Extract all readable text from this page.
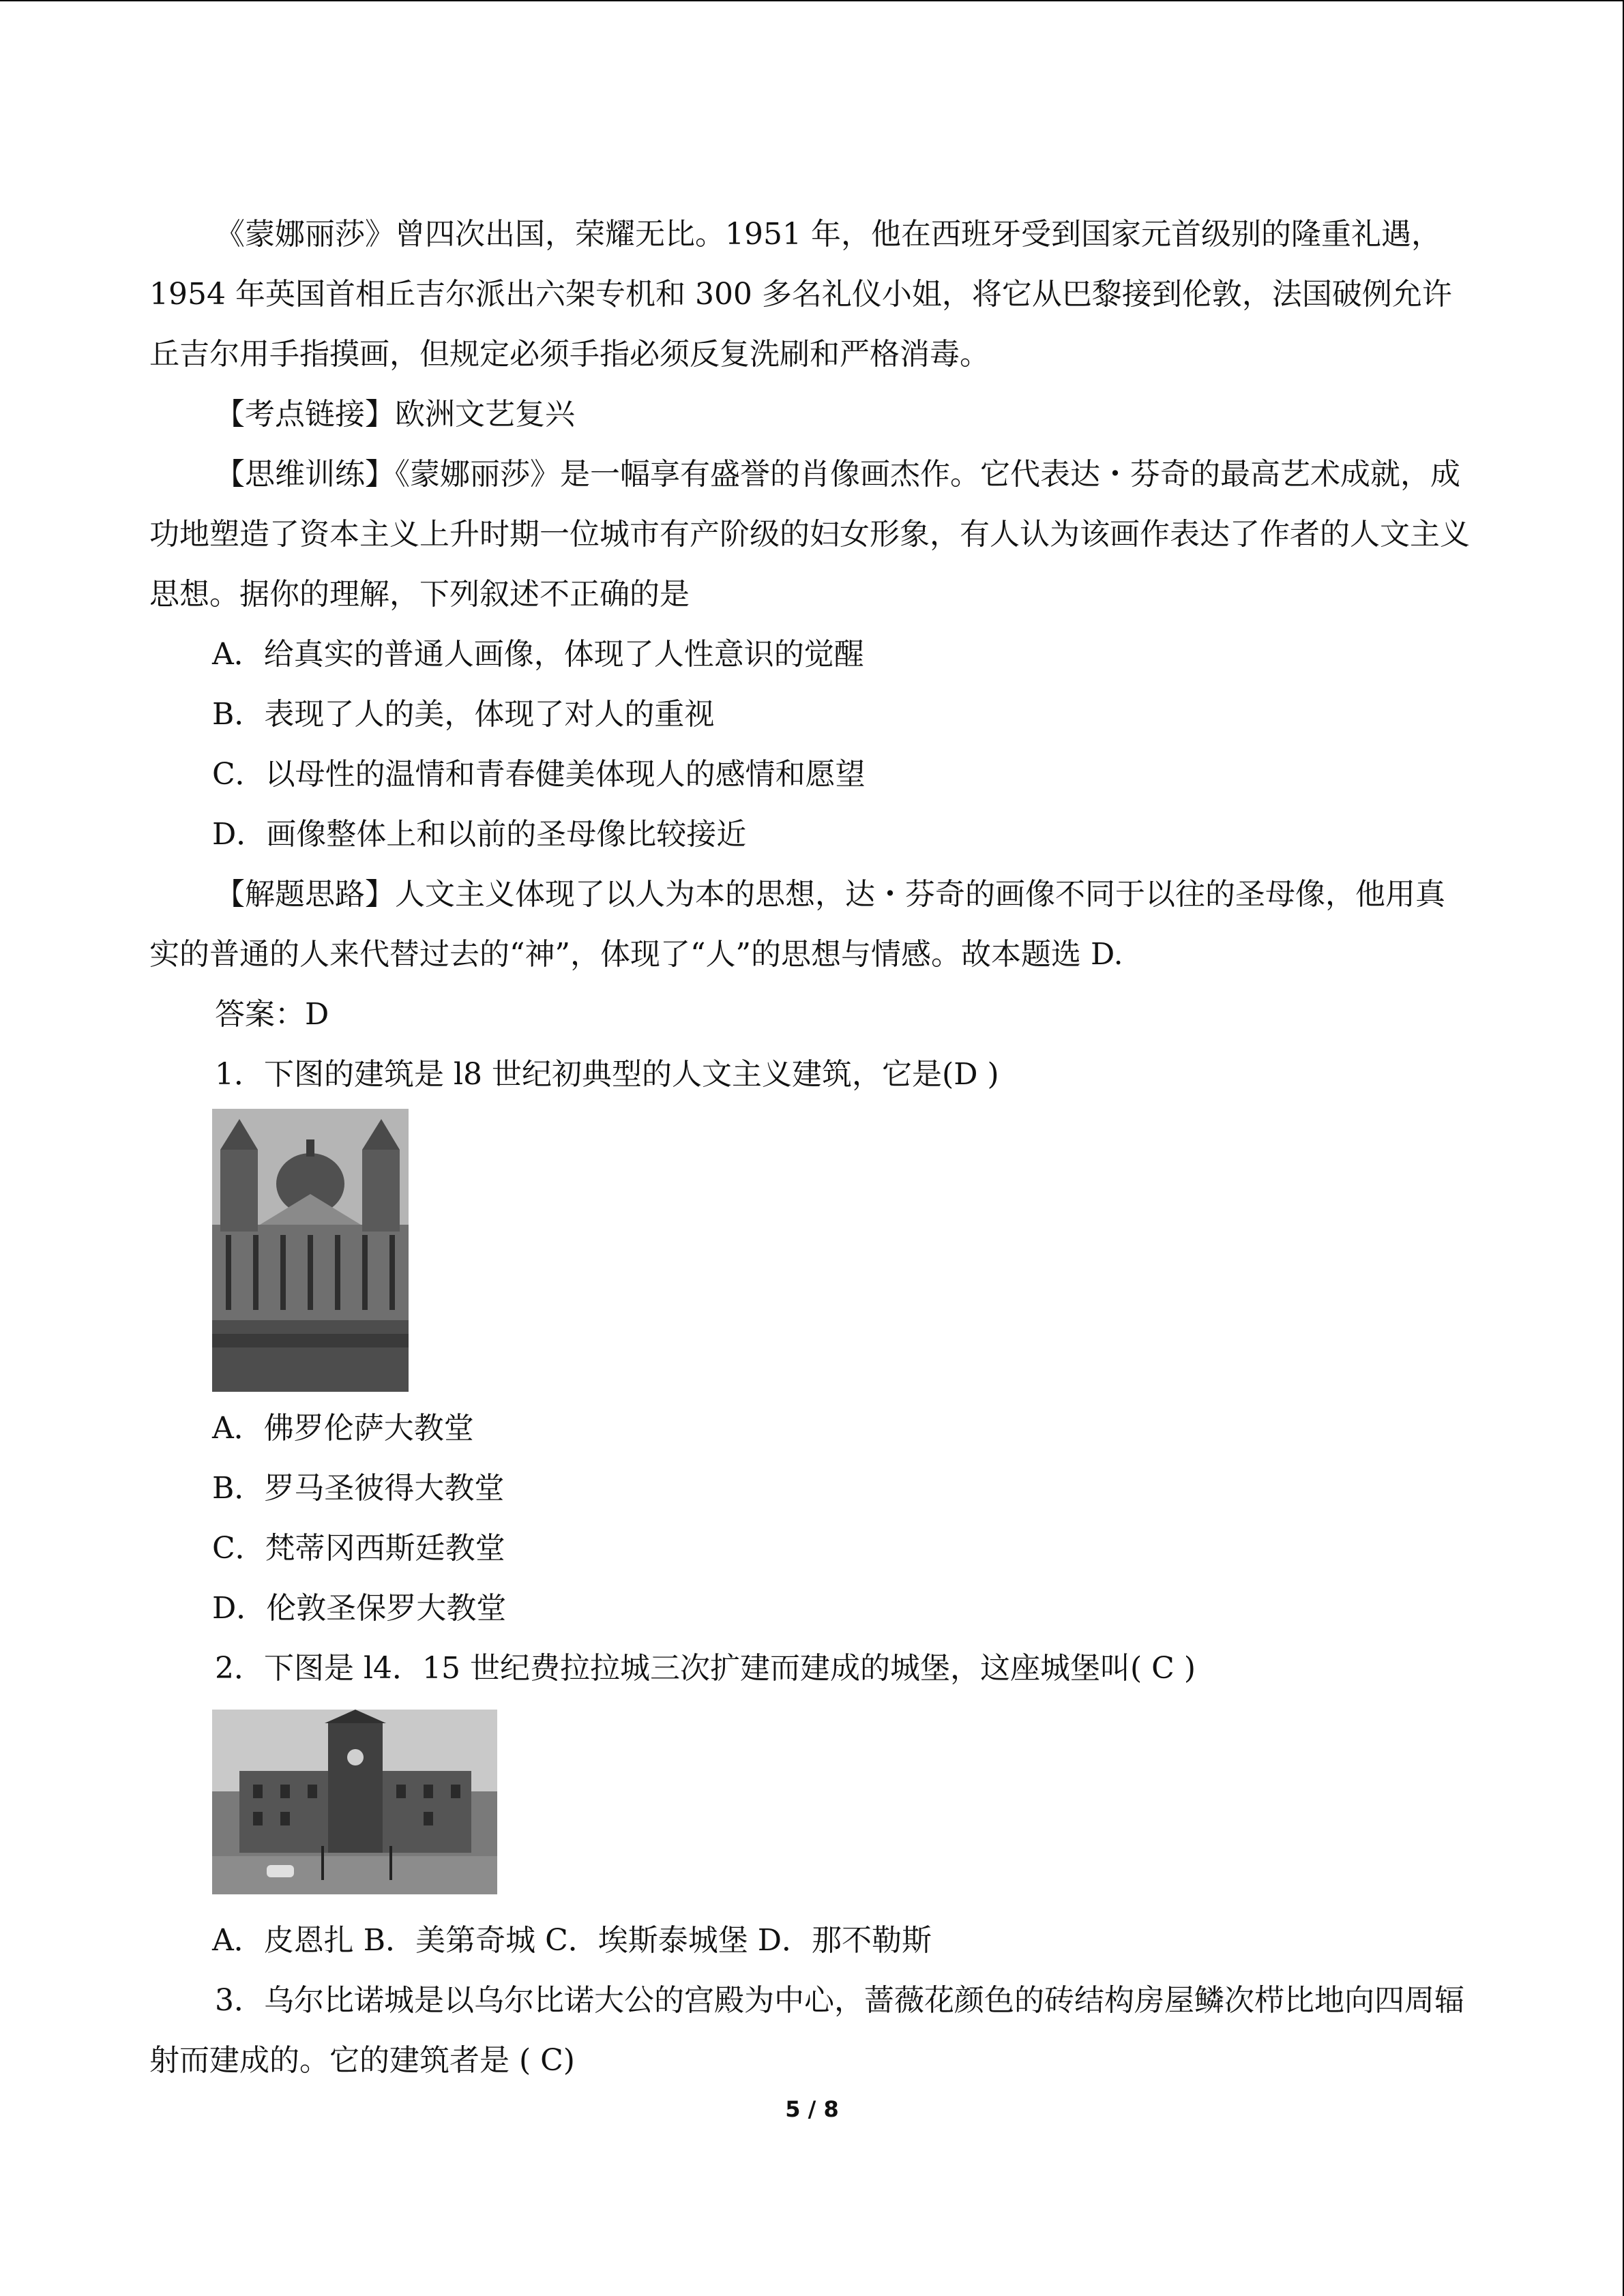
《蒙娜丽莎》曾四次出国，荣耀无比。1951 年，他在西班牙受到国家元首级别的隆重礼遇，1954 年英国首相丘吉尔派出六架专机和 300 多名礼仪小姐，将它从巴黎接到伦敦，法国破例允许丘吉尔用手指摸画，但规定必须手指必须反复洗刷和严格消毒。

【考点链接】欧洲文艺复兴

【思维训练】《蒙娜丽莎》是一幅享有盛誉的肖像画杰作。它代表达・芬奇的最高艺术成就，成功地塑造了资本主义上升时期一位城市有产阶级的妇女形象，有人认为该画作表达了作者的人文主义思想。据你的理解，下列叙述不正确的是

A．给真实的普通人画像，体现了人性意识的觉醒

B．表现了人的美，体现了对人的重视

C．以母性的温情和青春健美体现人的感情和愿望

D．画像整体上和以前的圣母像比较接近

【解题思路】人文主义体现了以人为本的思想，达・芬奇的画像不同于以往的圣母像，他用真实的普通的人来代替过去的“神”，体现了“人”的思想与情感。故本题选 D.

答案：D

1．下图的建筑是 l8 世纪初典型的人文主义建筑，它是(D )

A．佛罗伦萨大教堂

B．罗马圣彼得大教堂

C．梵蒂冈西斯廷教堂

D．伦敦圣保罗大教堂

2．下图是 l4．15 世纪费拉拉城三次扩建而建成的城堡，这座城堡叫( C )

A．皮恩扎 B．美第奇城 C．埃斯泰城堡 D．那不勒斯

3．乌尔比诺城是以乌尔比诺大公的宫殿为中心，蔷薇花颜色的砖结构房屋鳞次栉比地向四周辐射而建成的。它的建筑者是 ( C)

5 / 8
